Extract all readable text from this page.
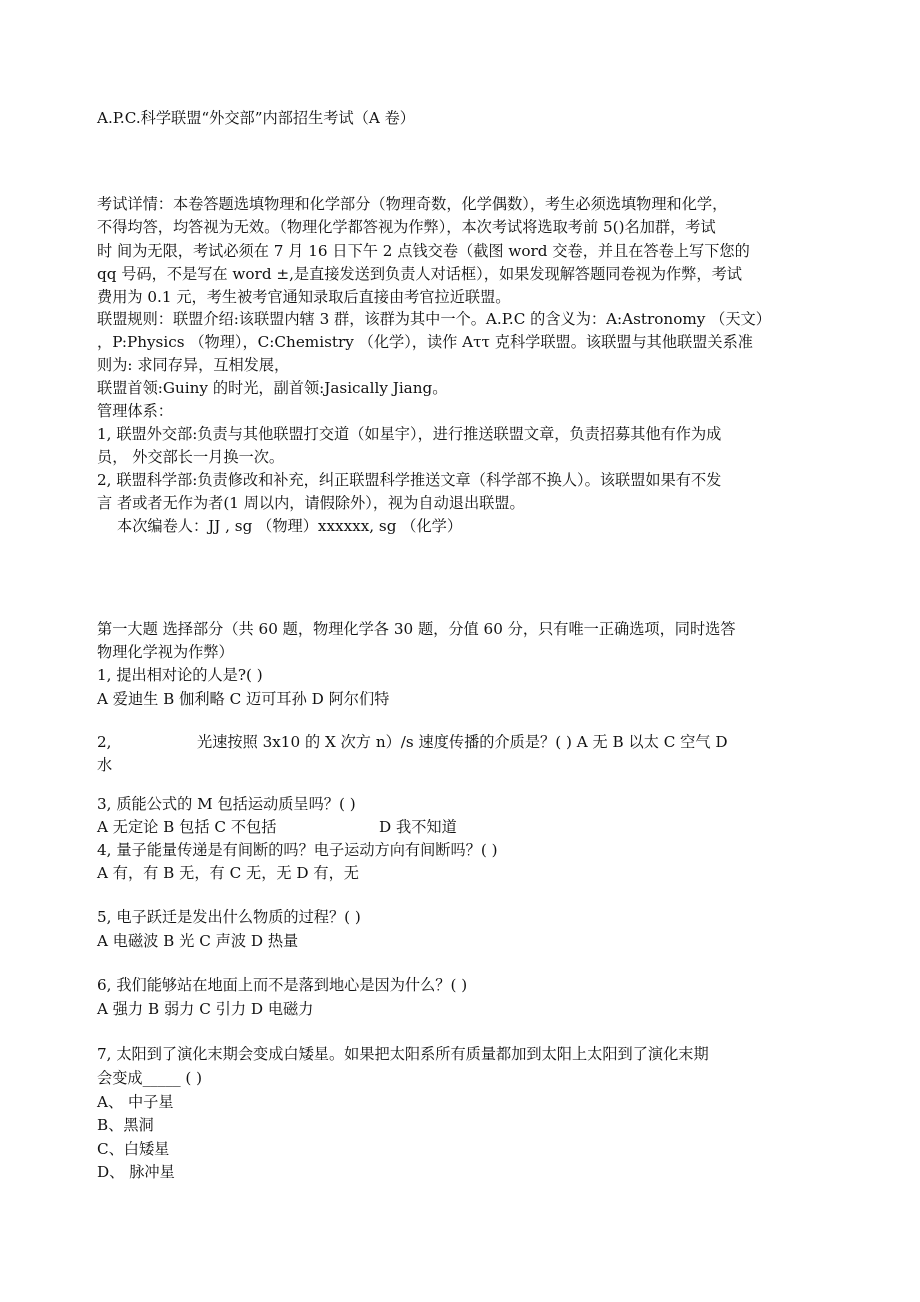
A.P.C.科学联盟“外交部”内部招生考试（A 卷）
考试详情：本卷答题选填物理和化学部分（物理奇数，化学偶数），考生必须选填物理和化学，
不得均答，均答视为无效。（物理化学都答视为作弊），本次考试将选取考前 5()名加群，考试
时 间为无限，考试必须在 7 月 16 日下午 2 点钱交卷（截图 word 交卷，并且在答卷上写下您的
qq 号码，不是写在 word ±,是直接发送到负责人对话框），如果发现解答题同卷视为作弊，考试
费用为 0.1 元，考生被考官通知录取后直接由考官拉近联盟。
联盟规则：联盟介绍:该联盟内辖 3 群，该群为其中一个。A.P.C 的含义为：A:Astronomy （天文）
，P:Physics （物理），C:Chemistry （化学），读作 Aττ 克科学联盟。该联盟与其他联盟关系准
则为: 求同存异，互相发展，
联盟首领:Guiny 的时光，副首领:Jasically Jiang。
管理体系：
1, 联盟外交部:负责与其他联盟打交道（如星宇），进行推送联盟文章，负责招募其他有作为成
员， 外交部长一月换一次。
2, 联盟科学部:负责修改和补充，纠正联盟科学推送文章（科学部不换人）。该联盟如果有不发
言 者或者无作为者(1 周以内，请假除外），视为自动退出联盟。
本次编卷人：JJ , sg （物理）xxxxxx, sg （化学）
第一大题 选择部分（共 60 题，物理化学各 30 题，分值 60 分，只有唯一正确选项，同时选答
物理化学视为作弊）
1, 提出相对论的人是?( )
A 爱迪生 B 伽利略 C 迈可耳孙 D 阿尔们特
2,	光速按照 3x10 的 X 次方 n）/s 速度传播的介质是？( ) A 无 B 以太 C 空气 D
水
3, 质能公式的 M 包括运动质呈吗？( )
A 无定论 B 包括 C 不包括	D 我不知道
4, 量子能量传递是有间断的吗？电子运动方向有间断吗？( )
A 有，有 B 无，有 C 无，无 D 有，无
5, 电子跃迁是发出什么物质的过程？( )
A 电磁波 B 光 C 声波 D 热量
6, 我们能够站在地面上而不是落到地心是因为什么？( )
A 强力 B 弱力 C 引力 D 电磁力
7, 太阳到了演化末期会变成白矮星。如果把太阳系所有质量都加到太阳上太阳到了演化末期
会变成_____ ( )
A、 中子星
B、黑洞
C、白矮星
D、 脉冲星
